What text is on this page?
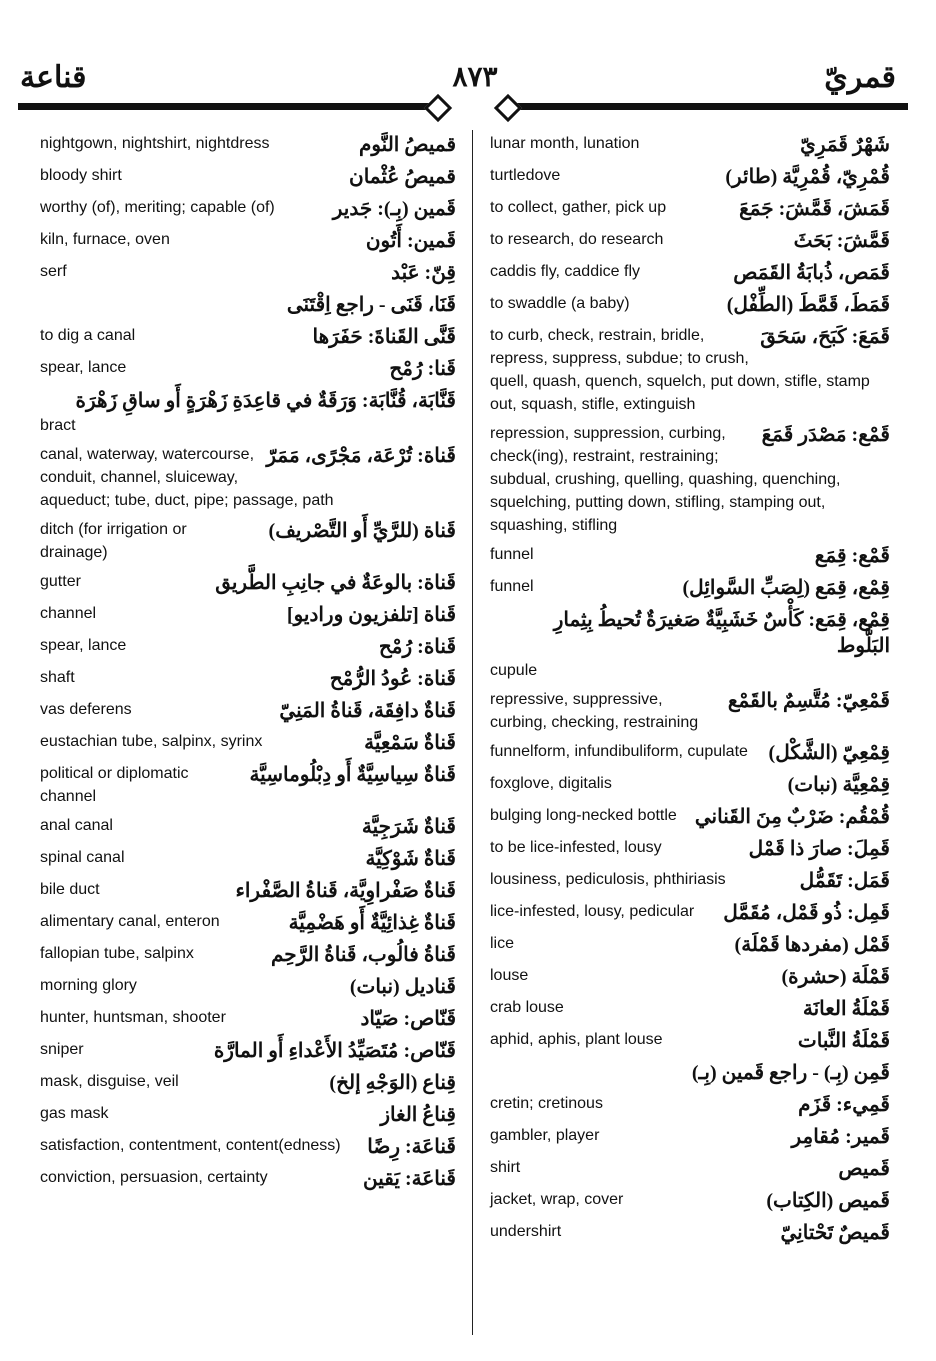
قناعة	٨٧٣	قمريّ
قميصُ النَّوم
nightgown, nightshirt, nightdress
قميصُ عُثْمان
bloody shirt
قَمين (بِـ): جَدير
worthy (of), meriting; capable (of)
قَمين: أَتُون
kiln, furnace, oven
قِنّ: عَبْد
serf
قَنَا، قَنَى - راجع اِقْتَنَى
قَنَّى القَناةَ: حَفَرَها
to dig a canal
قَنا: رُمْح
spear, lance
قَنَّابَة، قُنَّابَة: وَرَقَةٌ في قاعِدَةِ زَهْرَةٍ أَو ساقِ زَهْرَة
bract
قَناة: تُرْعَة، مَجْرًى، مَمَرّ
canal, waterway, watercourse, conduit, channel, sluiceway, aqueduct; tube, duct, pipe; passage, path
قَناة (للرَّيِّ أَو التَّصْريف)
ditch (for irrigation or drainage)
قَناة: بالوعَةٌ في جانِبِ الطَّريق
gutter
قَناة [تلفزيون وراديو]
channel
قَناة: رُمْح
spear, lance
قَناة: عُودُ الرُّمْح
shaft
قَناةٌ دافِقَة، قَناةُ المَنِيّ
vas deferens
قَناةٌ سَمْعِيَّة
eustachian tube, salpinx, syrinx
قَناةٌ سِياسِيَّةٌ أَو دِبْلُوماسِيَّة
political or diplomatic channel
قَناةٌ شَرَجِيَّة
anal canal
قَناةٌ شَوْكِيَّة
spinal canal
قَناةٌ صَفْراوِيَّة، قَناةُ الصَّفْراء
bile duct
قَناةٌ غِذائِيَّةٌ أَو هَضْمِيَّة
alimentary canal, enteron
قَناةُ فالُوب، قَناةُ الرَّحِم
fallopian tube, salpinx
قَناديل (نبات)
morning glory
قَنّاص: صَيّاد
hunter, huntsman, shooter
قَنّاص: مُتَصَيِّدُ الأَعْداءِ أَو المارَّة
sniper
قِناع (الوَجْهِ إلخ)
mask, disguise, veil
قِناعُ الغاز
gas mask
قَناعَة: رِضًا
satisfaction, contentment, content(edness)
قَناعَة: يَقين
conviction, persuasion, certainty
شَهْرٌ قَمَرِيّ
lunar month, lunation
قُمْرِيّ، قُمْرِيَّة (طائر)
turtledove
قَمَشَ، قَمَّشَ: جَمَعَ
to collect, gather, pick up
قَمَّشَ: بَحَثَ
to research, do research
قَمَص، ذُبابَةُ القَمَص
caddis fly, caddice fly
قَمَطَ، قَمَّطَ (الطِّفْل)
to swaddle (a baby)
قَمَعَ: كَبَحَ، سَحَقَ
to curb, check, restrain, bridle, repress, suppress, subdue; to crush, quell, quash, quench, squelch, put down, stifle, stamp out, squash, stifle, extinguish
قَمْع: مَصْدَر قَمَعَ
repression, suppression, curbing, check(ing), restraint, restraining; subdual, crushing, quelling, quashing, quenching, squelching, putting down, stifling, stamping out, squashing, stifling
قَمْع: قِمَع
funnel
قِمْع، قِمَع (لِصَبِّ السَّوائِل)
funnel
قِمْع، قِمَع: كَأْسٌ خَشَبِيَّةٌ صَغيرَةٌ تُحيطُ بِثِمارِ البَلُّوط
cupule
قَمْعِيّ: مُتَّسِمٌ بالقَمْع
repressive, suppressive, curbing, checking, restraining
قِمْعِيّ (الشَّكْل)
funnelform, infundibuliform, cupulate
قِمْعِيَّة (نبات)
foxglove, digitalis
قُمْقُم: ضَرْبٌ مِنَ القَناني
bulging long-necked bottle
قَمِلَ: صارَ ذا قَمْل
to be lice-infested, lousy
قَمَل: تَقَمُّل
lousiness, pediculosis, phthiriasis
قَمِل: ذُو قَمْل، مُقَمَّل
lice-infested, lousy, pedicular
قَمْل (مفردها قَمْلَة)
lice
قَمْلَة (حشرة)
louse
قَمْلَةُ العانَة
crab louse
قَمْلَةُ النَّبات
aphid, aphis, plant louse
قَمِن (بِـ) - راجع قَمين (بِـ)
قَمِيء: قَزَم
cretin; cretinous
قَمير: مُقامِر
gambler, player
قَميص
shirt
قَميص (الكِتاب)
jacket, wrap, cover
قَميصٌ تَحْتانِيّ
undershirt
